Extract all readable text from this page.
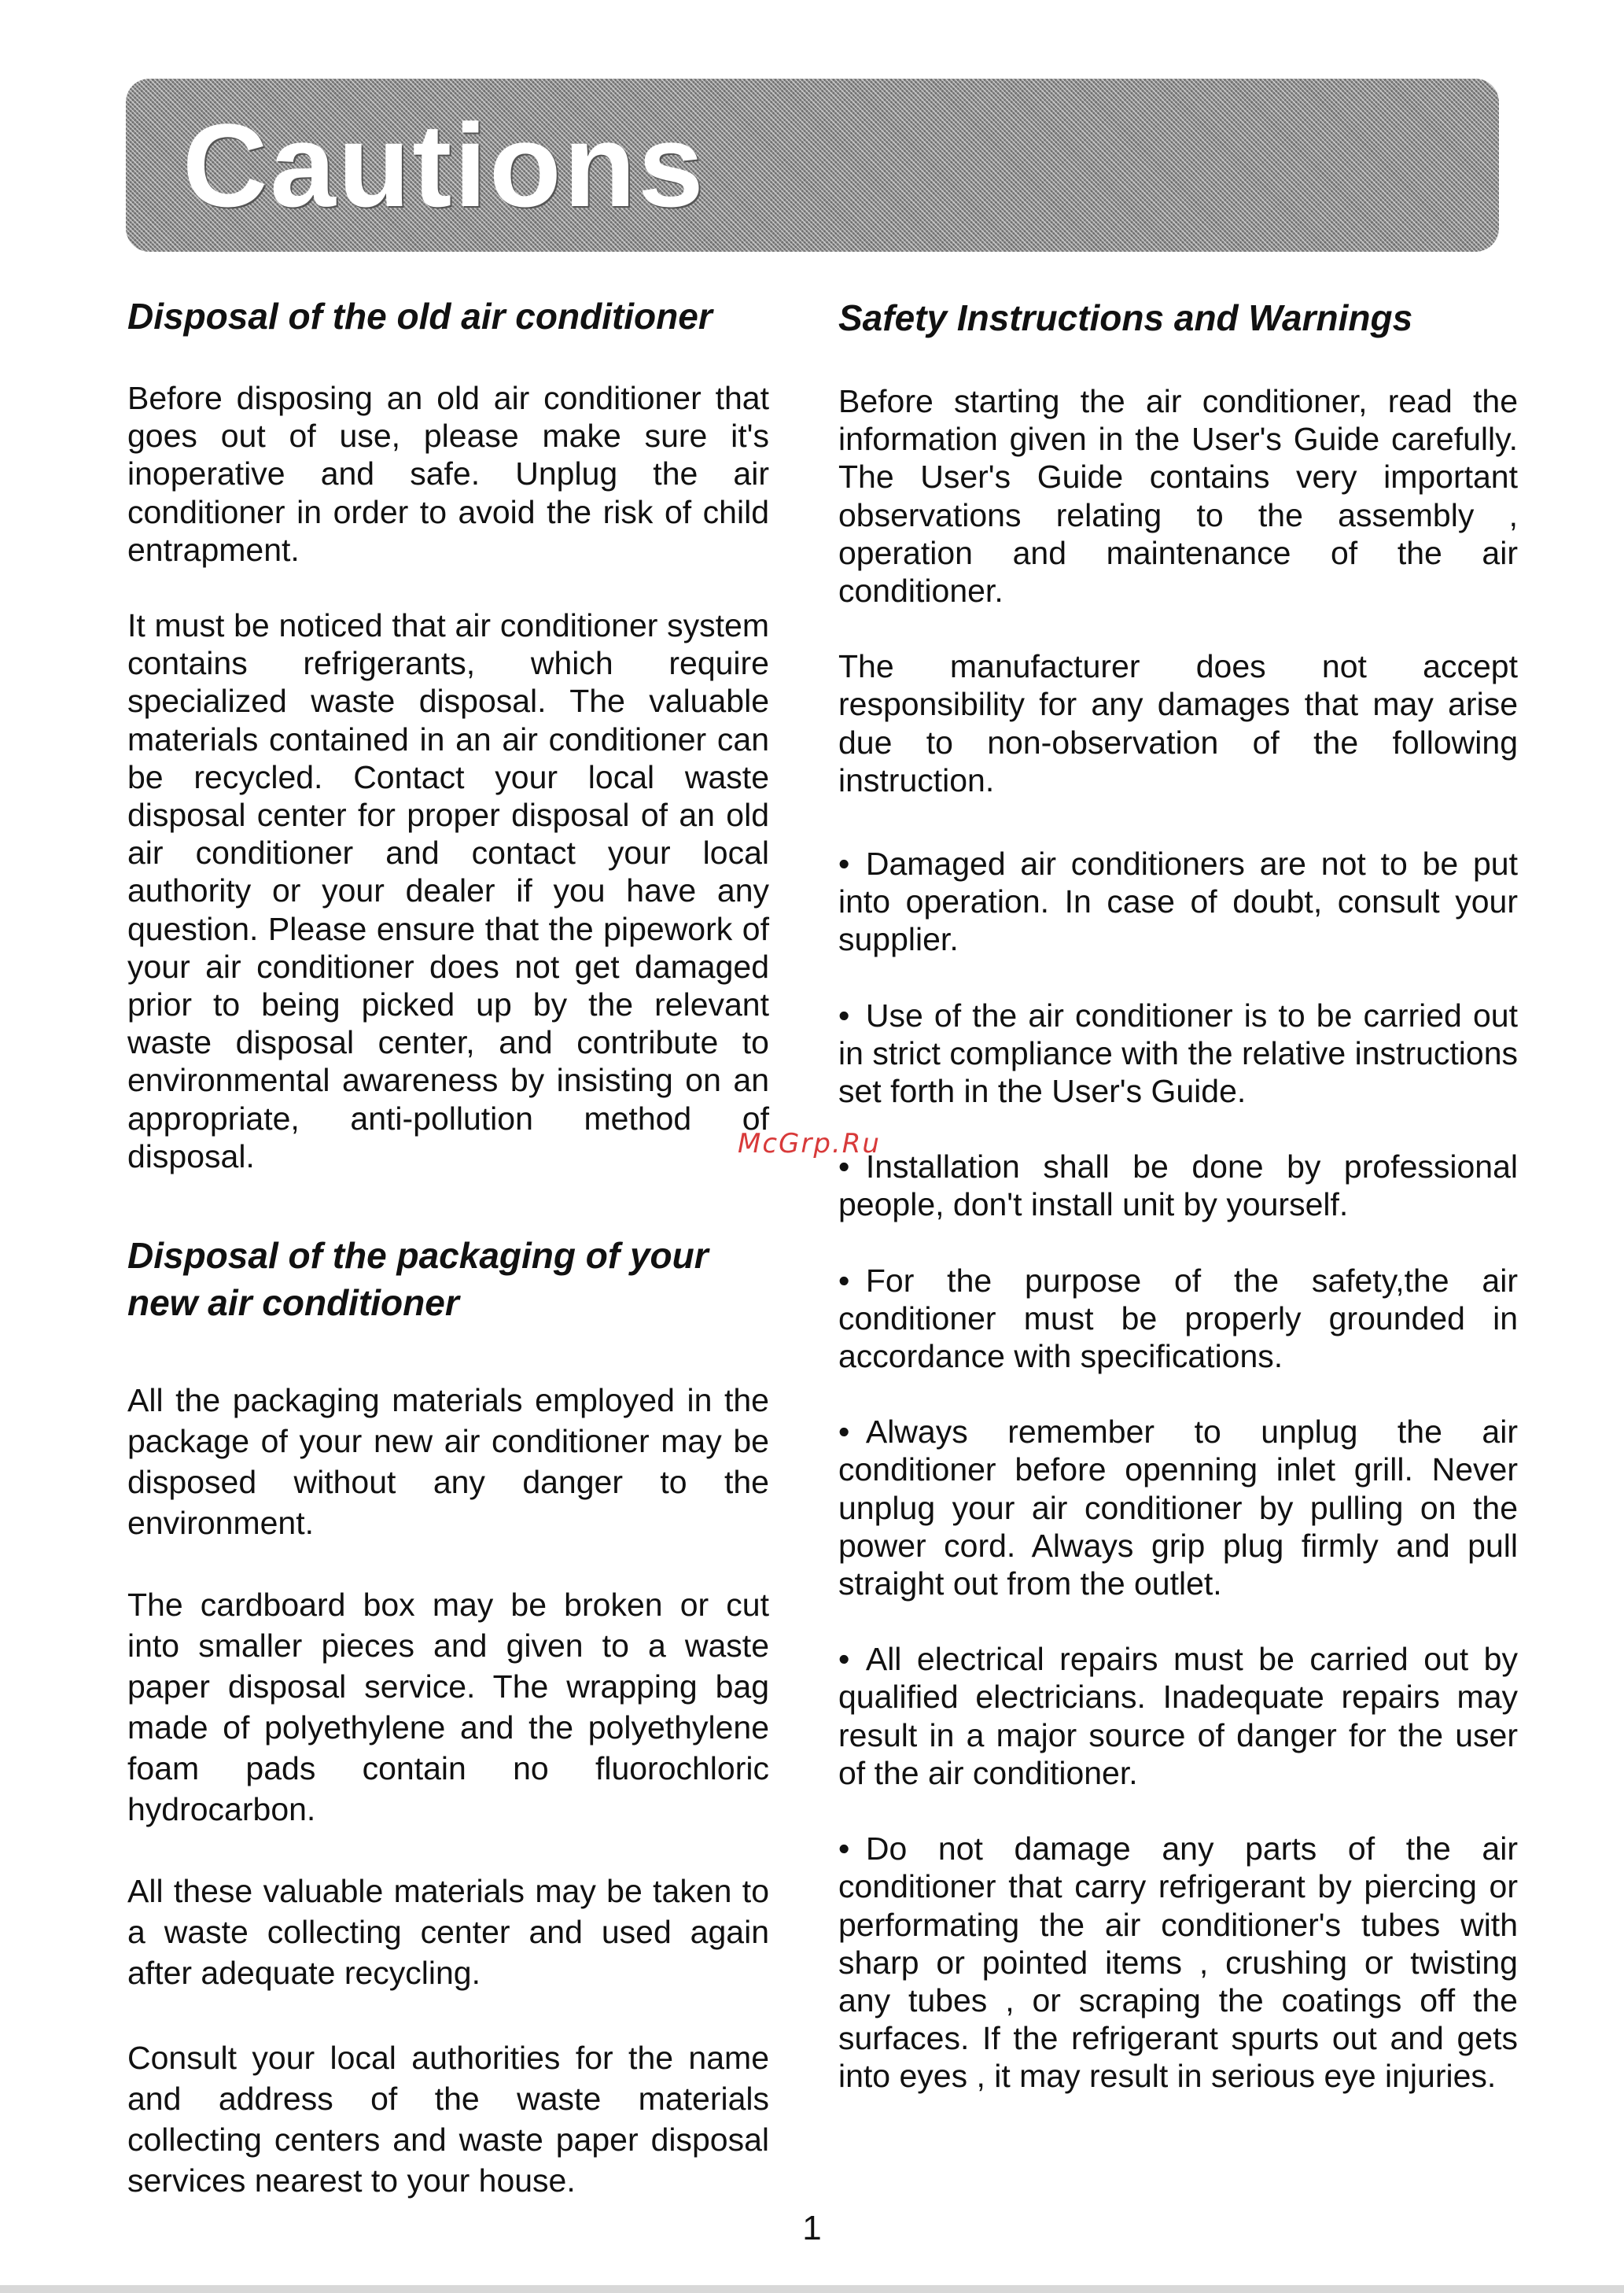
Cautions
Disposal of the old air conditioner

Before disposing an old air conditioner that goes out of use, please make sure it's inoperative and safe. Unplug the air conditioner in order to avoid the risk of child entrapment.

It must be noticed that air conditioner system contains refrigerants, which require specialized waste disposal. The valuable materials contained in an air conditioner can be recycled. Contact your local waste disposal center for proper disposal of an old air conditioner and contact your local authority or your dealer if you have any question. Please ensure that the pipework of your air conditioner does not get damaged prior to being picked up by the relevant waste disposal center, and contribute to environmental awareness by insisting on an appropriate, anti-pollution method of disposal.

Disposal of the packaging of your new air conditioner

All the packaging materials employed in the package of your new air conditioner may be disposed without any danger to the environment.

The cardboard box may be broken or cut into smaller pieces and given to a waste paper disposal service. The wrapping bag made of polyethylene and the polyethylene foam pads contain no fluorochloric hydrocarbon.

All these valuable materials may be taken to a waste collecting center and used again after adequate recycling.

Consult your local authorities for the name and address of the waste materials collecting centers and waste paper disposal services nearest to your house.

Safety Instructions and Warnings

Before starting the air conditioner, read the information given in the User's Guide carefully. The User's Guide contains very important observations relating to the assembly , operation and maintenance of the air conditioner.

The manufacturer does not accept responsibility for any damages that may arise due to non-observation of the following instruction.

• Damaged air conditioners are not to be put into operation. In case of doubt, consult your supplier.

• Use of the air conditioner is to be carried out in strict compliance with the relative instructions set forth in the User's Guide.

• Installation shall be done by professional people, don't install unit by yourself.

• For the purpose of the safety,the air conditioner must be properly grounded in accordance with specifications.

• Always remember to unplug the air conditioner before openning inlet grill. Never unplug your air conditioner by pulling on the power cord. Always grip plug firmly and pull straight out from the outlet.

• All electrical repairs must be carried out by qualified electricians. Inadequate repairs may result in a major source of danger for the user of the air conditioner.

• Do not damage any parts of the air conditioner that carry refrigerant by piercing or performating the air conditioner's tubes with sharp or pointed items , crushing or twisting any tubes , or scraping the coatings off the surfaces. If the refrigerant spurts out and gets into eyes , it may result in serious eye injuries.

McGrp.Ru

1
